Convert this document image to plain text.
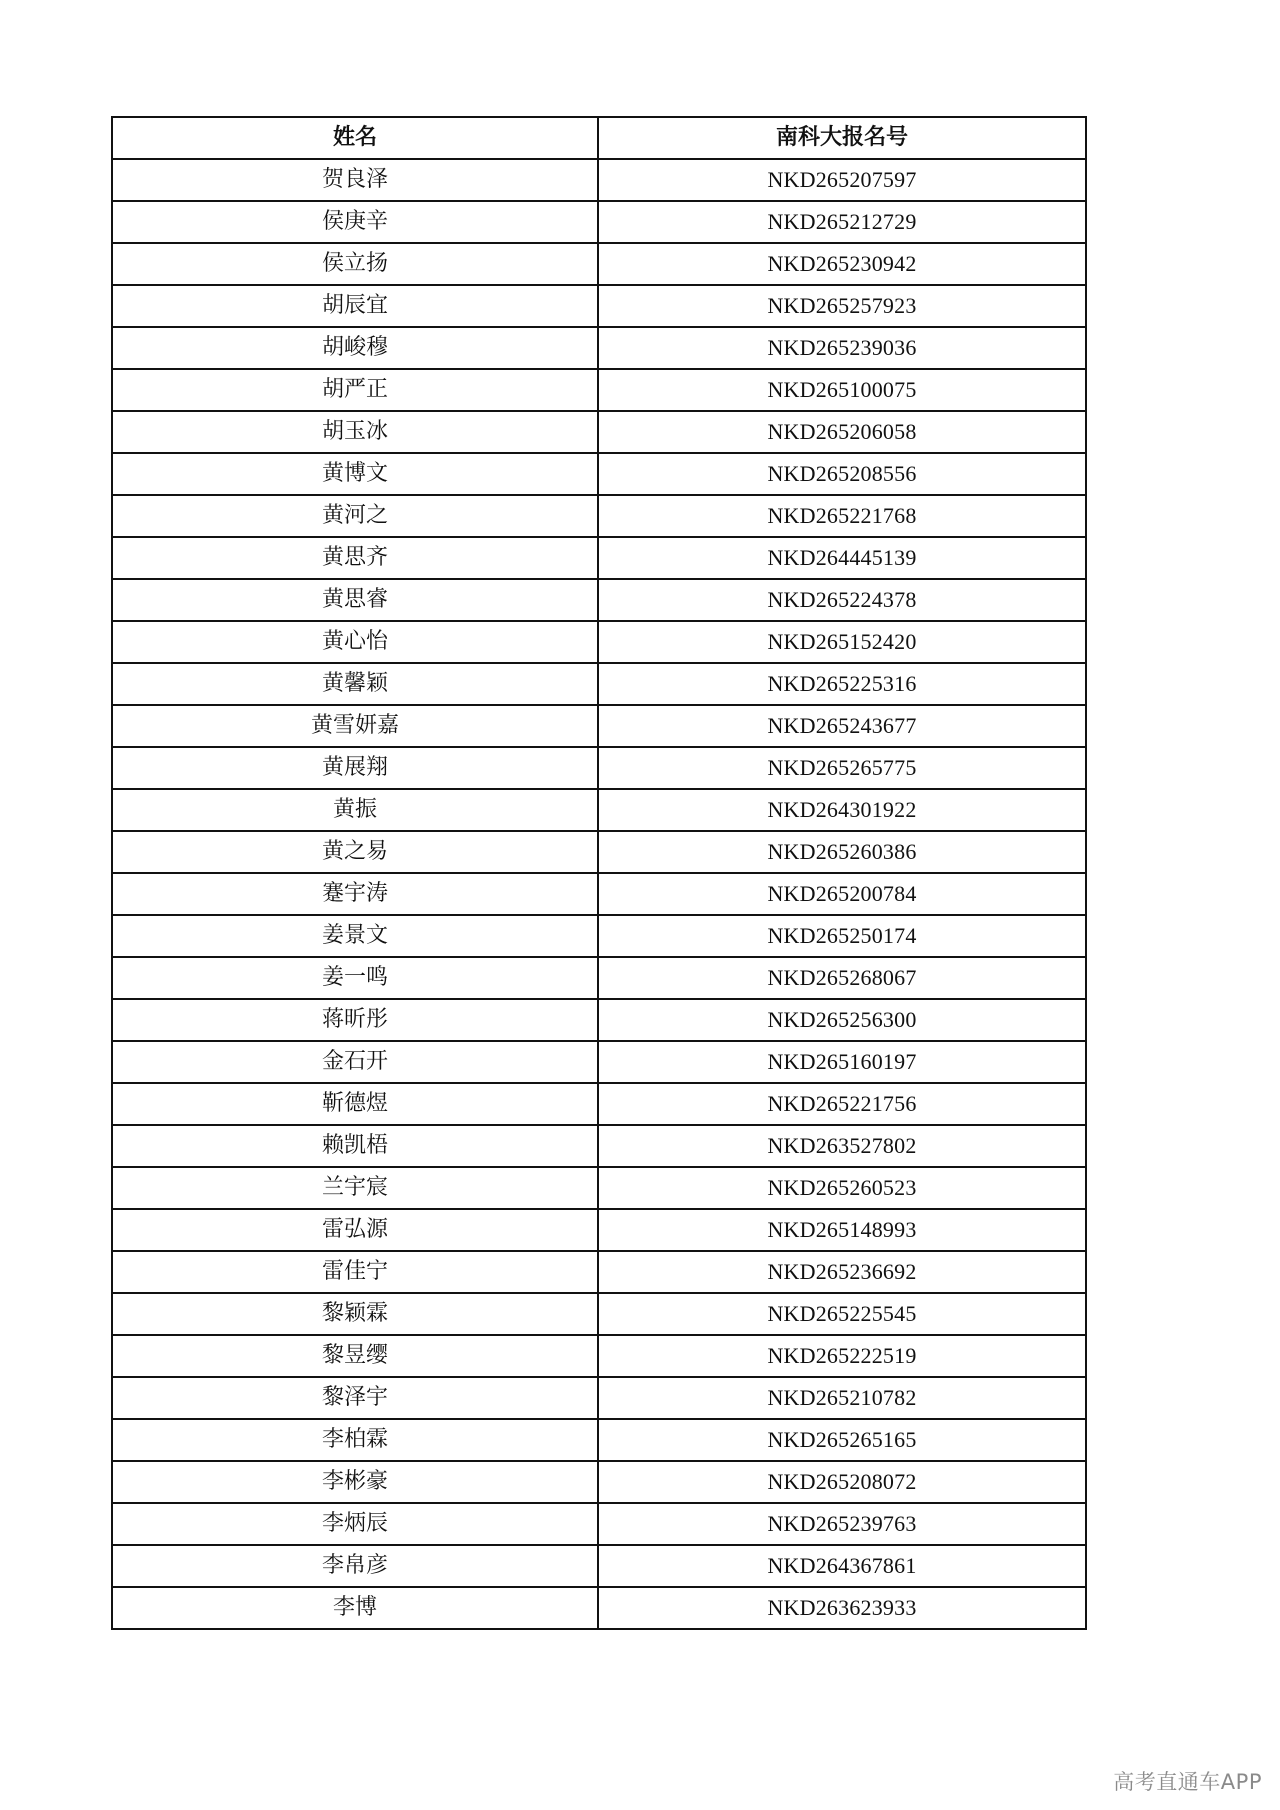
姓名	南科大报名号
贺良泽	NKD265207597
侯庚辛	NKD265212729
侯立扬	NKD265230942
胡辰宜	NKD265257923
胡峻穆	NKD265239036
胡严正	NKD265100075
胡玉冰	NKD265206058
黄博文	NKD265208556
黄河之	NKD265221768
黄思齐	NKD264445139
黄思睿	NKD265224378
黄心怡	NKD265152420
黄馨颖	NKD265225316
黄雪妍嘉	NKD265243677
黄展翔	NKD265265775
黄振	NKD264301922
黄之易	NKD265260386
蹇宇涛	NKD265200784
姜景文	NKD265250174
姜一鸣	NKD265268067
蒋昕彤	NKD265256300
金石开	NKD265160197
靳德煜	NKD265221756
赖凯梧	NKD263527802
兰宇宸	NKD265260523
雷弘源	NKD265148993
雷佳宁	NKD265236692
黎颖霖	NKD265225545
黎昱缨	NKD265222519
黎泽宇	NKD265210782
李柏霖	NKD265265165
李彬豪	NKD265208072
李炳辰	NKD265239763
李帛彦	NKD264367861
李博	NKD263623933
高考直通车APP
